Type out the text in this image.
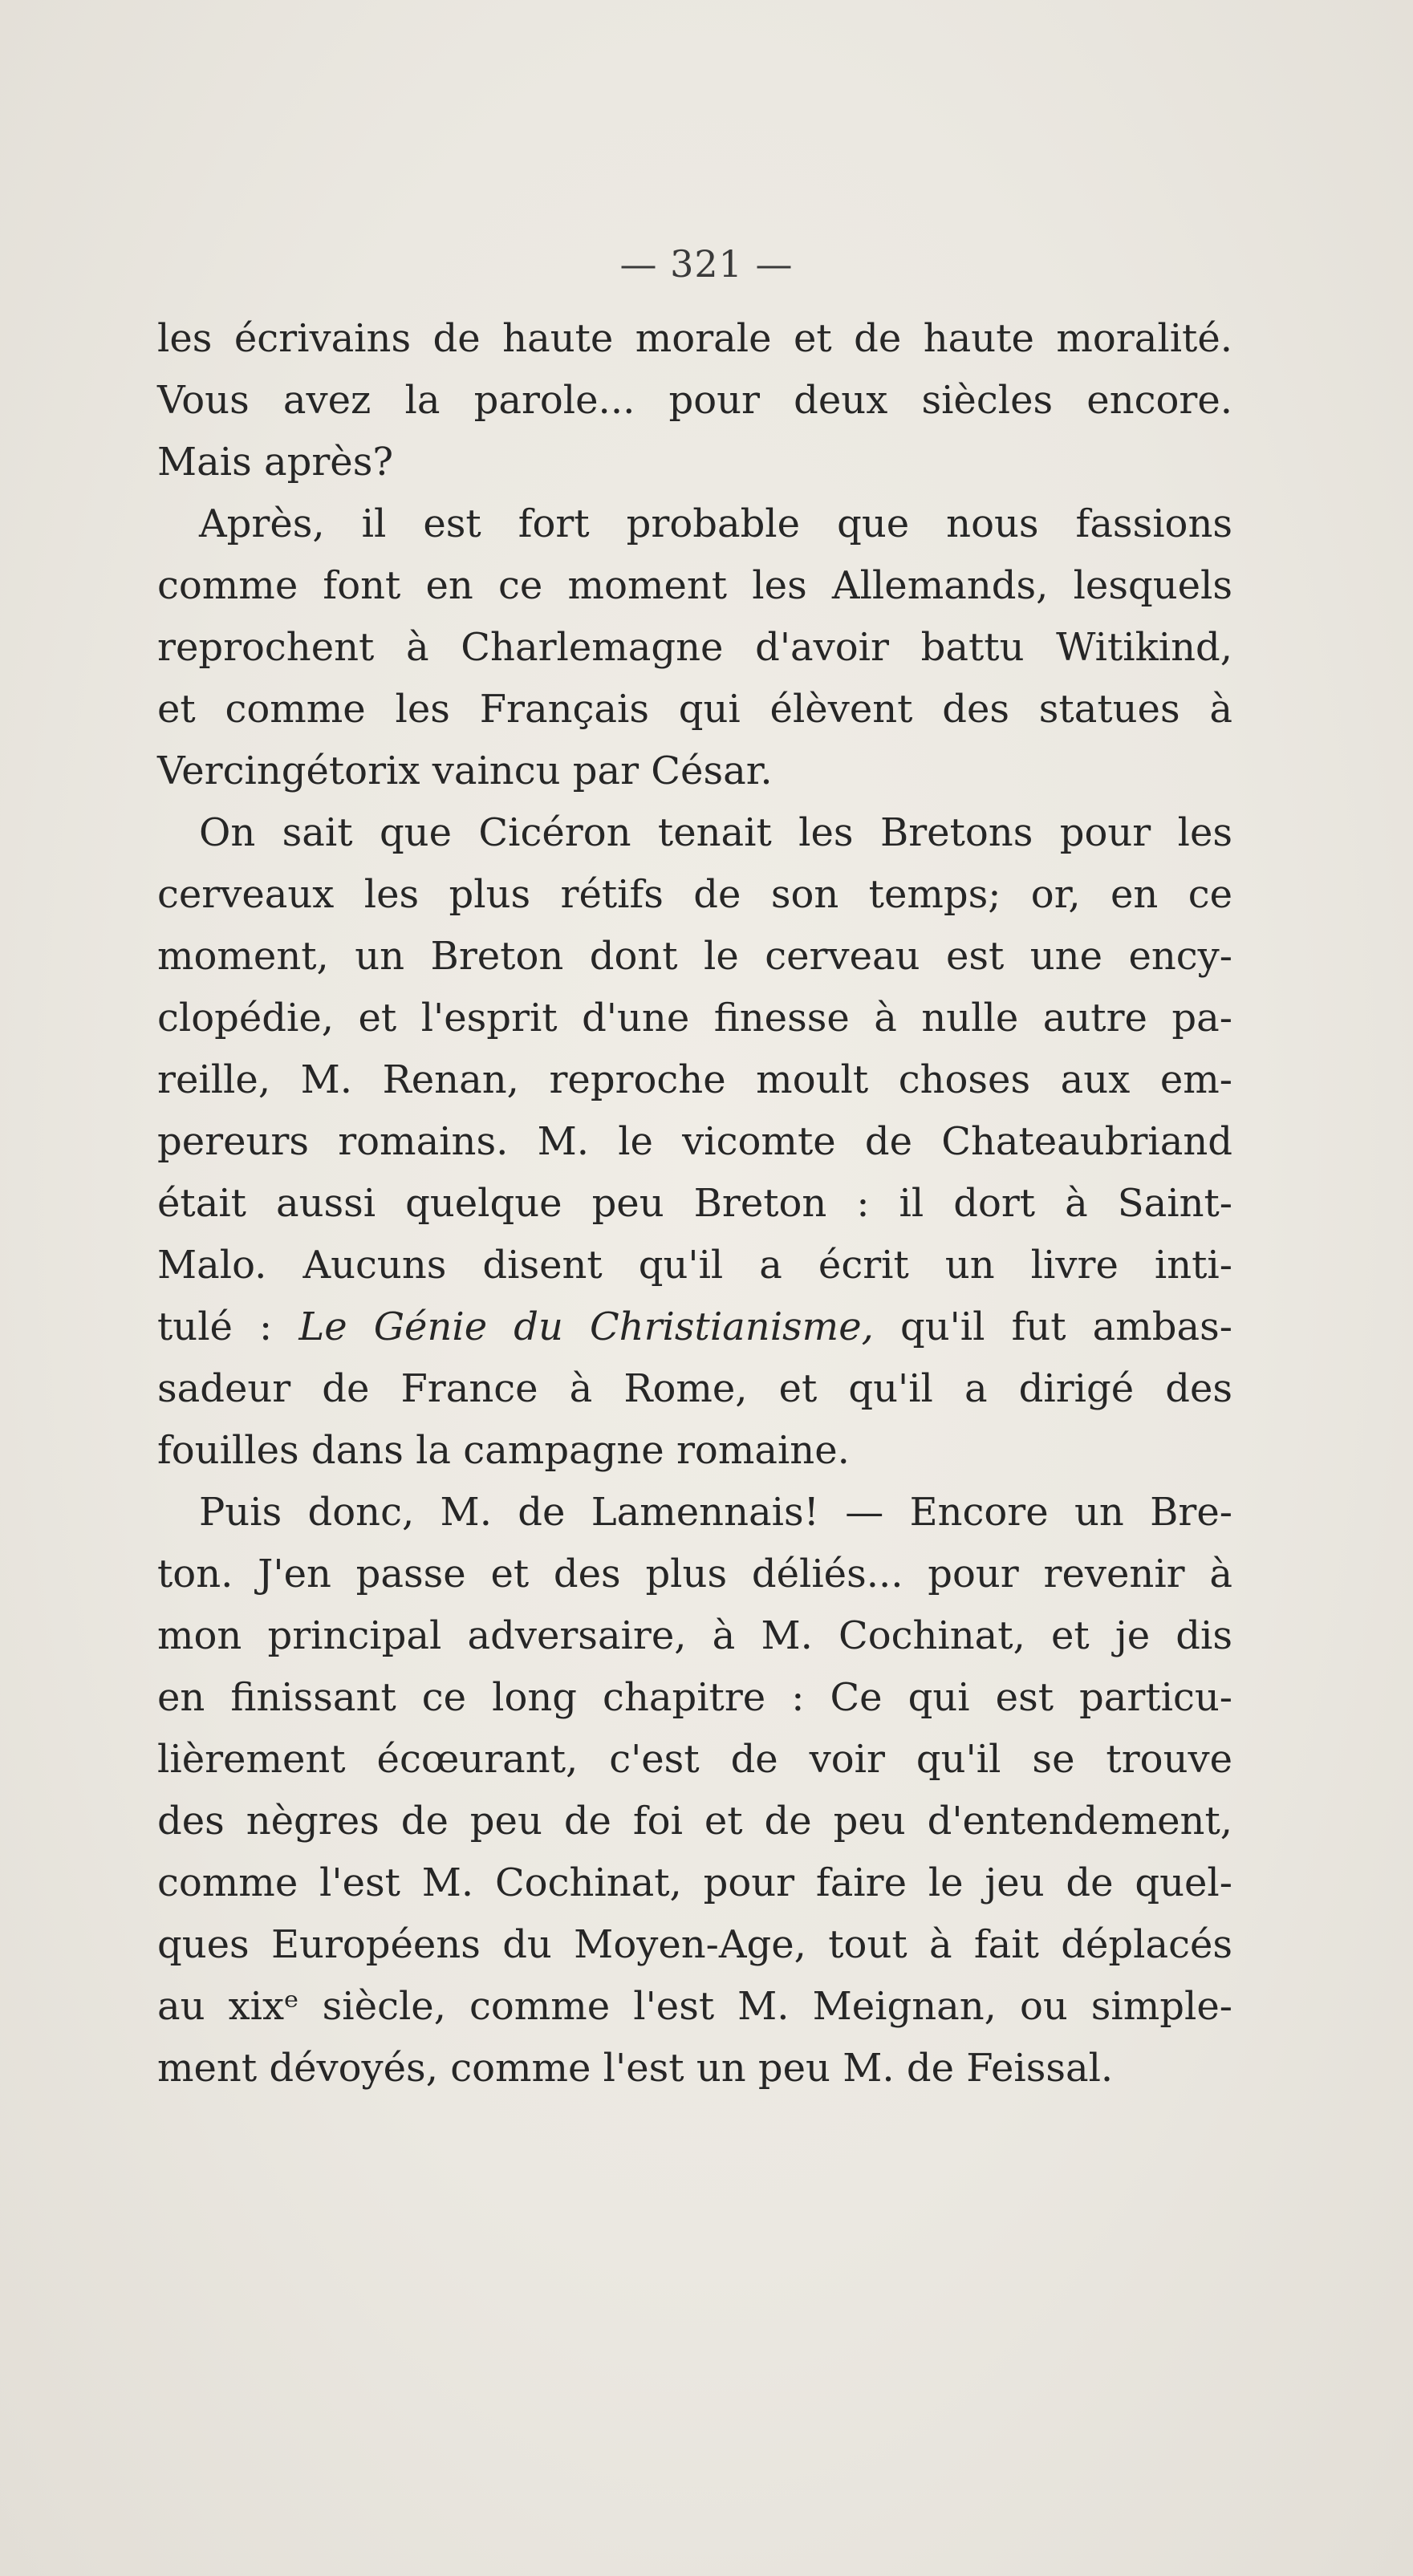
— 321 —
les écrivains de haute morale et de haute moralité.
Vous avez la parole... pour deux siècles encore.
Mais après?
Après, il est fort probable que nous fassions
comme font en ce moment les Allemands, lesquels
reprochent à Charlemagne d'avoir battu Witikind,
et comme les Français qui élèvent des statues à
Vercingétorix vaincu par César.
On sait que Cicéron tenait les Bretons pour les
cerveaux les plus rétifs de son temps; or, en ce
moment, un Breton dont le cerveau est une ency-
clopédie, et l'esprit d'une finesse à nulle autre pa-
reille, M. Renan, reproche moult choses aux em-
pereurs romains. M. le vicomte de Chateaubriand
était aussi quelque peu Breton : il dort à Saint-
Malo. Aucuns disent qu'il a écrit un livre inti-
tulé : Le Génie du Christianisme, qu'il fut ambas-
sadeur de France à Rome, et qu'il a dirigé des
fouilles dans la campagne romaine.
Puis donc, M. de Lamennais! — Encore un Bre-
ton. J'en passe et des plus déliés... pour revenir à
mon principal adversaire, à M. Cochinat, et je dis
en finissant ce long chapitre : Ce qui est particu-
lièrement écœurant, c'est de voir qu'il se trouve
des nègres de peu de foi et de peu d'entendement,
comme l'est M. Cochinat, pour faire le jeu de quel-
ques Européens du Moyen-Age, tout à fait déplacés
au xixᵉ siècle, comme l'est M. Meignan, ou simple-
ment dévoyés, comme l'est un peu M. de Feissal.
